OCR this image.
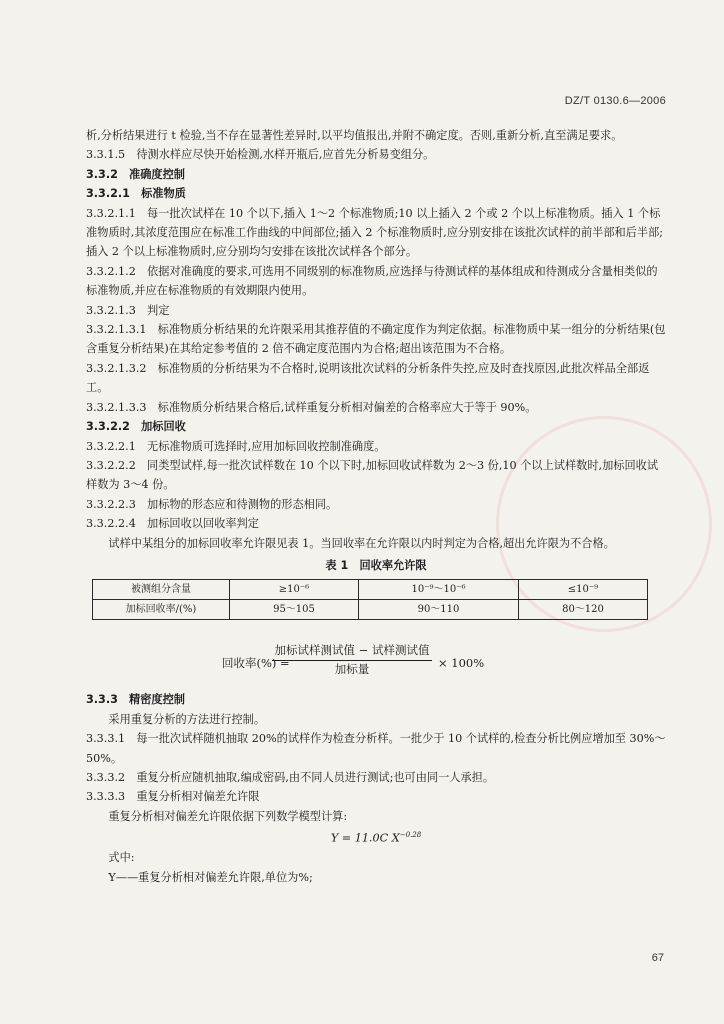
DZ/T 0130.6—2006

析,分析结果进行 t 检验,当不存在显著性差异时,以平均值报出,并附不确定度。否则,重新分析,直至满足要求。

3.3.1.5　待测水样应尽快开始检测,水样开瓶后,应首先分析易变组分。

3.3.2　准确度控制

3.3.2.1　标准物质

3.3.2.1.1　每一批次试样在 10 个以下,插入 1～2 个标准物质;10 以上插入 2 个或 2 个以上标准物质。插入 1 个标准物质时,其浓度范围应在标准工作曲线的中间部位;插入 2 个标准物质时,应分别安排在该批次试样的前半部和后半部;插入 2 个以上标准物质时,应分别均匀安排在该批次试样各个部分。

3.3.2.1.2　依据对准确度的要求,可选用不同级别的标准物质,应选择与待测试样的基体组成和待测成分含量相类似的标准物质,并应在标准物质的有效期限内使用。

3.3.2.1.3　判定

3.3.2.1.3.1　标准物质分析结果的允许限采用其推荐值的不确定度作为判定依据。标准物质中某一组分的分析结果(包含重复分析结果)在其给定参考值的 2 倍不确定度范围内为合格;超出该范围为不合格。

3.3.2.1.3.2　标准物质的分析结果为不合格时,说明该批次试料的分析条件失控,应及时查找原因,此批次样品全部返工。

3.3.2.1.3.3　标准物质分析结果合格后,试样重复分析相对偏差的合格率应大于等于 90%。

3.3.2.2　加标回收

3.3.2.2.1　无标准物质可选择时,应用加标回收控制准确度。

3.3.2.2.2　同类型试样,每一批次试样数在 10 个以下时,加标回收试样数为 2～3 份,10 个以上试样数时,加标回收试样数为 3～4 份。

3.3.2.2.3　加标物的形态应和待测物的形态相同。

3.3.2.2.4　加标回收以回收率判定

试样中某组分的加标回收率允许限见表 1。当回收率在允许限以内时判定为合格,超出允许限为不合格。

表 1　回收率允许限
被测组分含量	≥10⁻⁶	10⁻⁹～10⁻⁶	≤10⁻⁹
加标回收率/(%)	95～105	90～110	80～120
回收率(%) =
加标试样测试值 − 试样测试值
加标量	× 100%

3.3.3　精密度控制

采用重复分析的方法进行控制。

3.3.3.1　每一批次试样随机抽取 20%的试样作为检查分析样。一批少于 10 个试样的,检查分析比例应增加至 30%～50%。

3.3.3.2　重复分析应随机抽取,编成密码,由不同人员进行测试;也可由同一人承担。

3.3.3.3　重复分析相对偏差允许限

重复分析相对偏差允许限依据下列数学模型计算:

Y = 11.0C $X^{-0.28}$

式中:

Y——重复分析相对偏差允许限,单位为%;

67
